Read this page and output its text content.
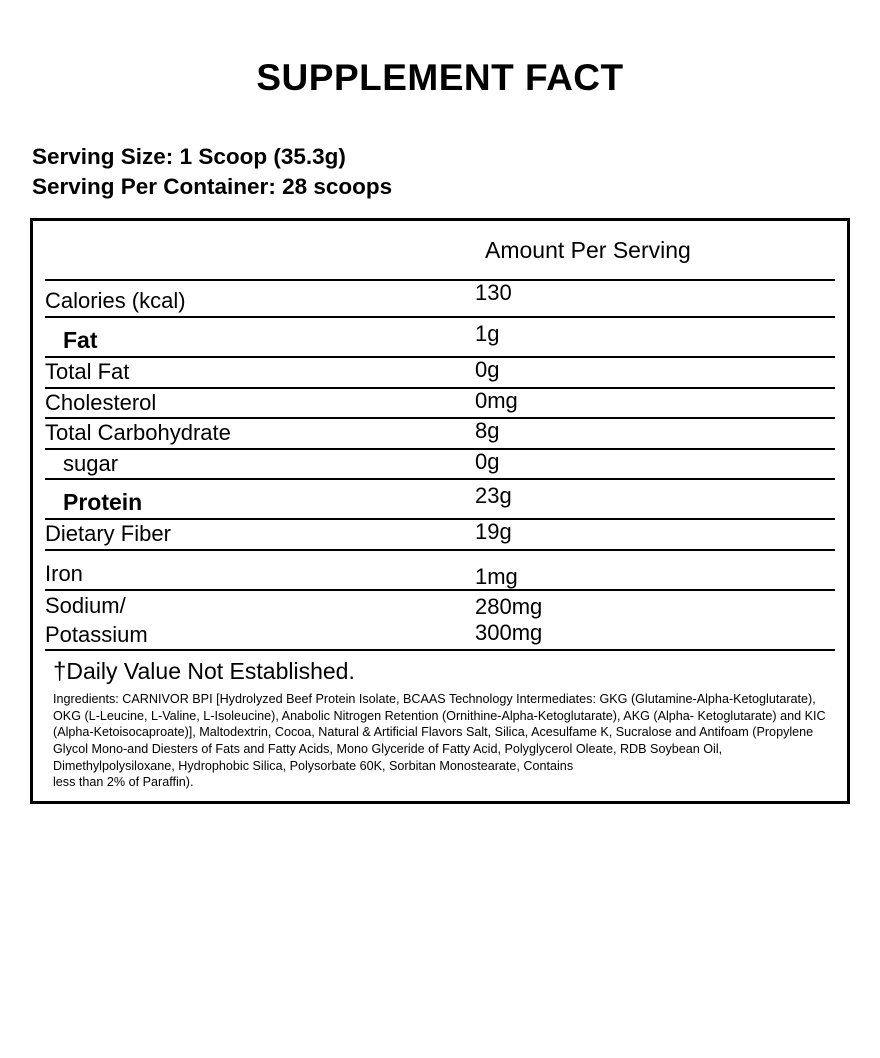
SUPPLEMENT FACT
Serving Size: 1 Scoop (35.3g)
Serving Per Container: 28 scoops
Amount Per Serving
Calories (kcal)	130
Fat	1g
Total Fat	0g
Cholesterol	0mg
Total Carbohydrate	8g
sugar	0g
Protein	23g
Dietary Fiber	19g
Iron	1mg
Sodium/	280mg
Potassium	300mg
†Daily Value Not Established.
Ingredients: CARNIVOR BPI [Hydrolyzed Beef Protein Isolate, BCAAS Technology Intermediates: GKG (Glutamine-Alpha-Ketoglutarate), OKG (L-Leucine, L-Valine, L-Isoleucine), Anabolic Nitrogen Retention (Ornithine-Alpha-Ketoglutarate), AKG (Alpha- Ketoglutarate) and KIC (Alpha-Ketoisocaproate)], Maltodextrin, Cocoa, Natural & Artificial Flavors Salt, Silica, Acesulfame K, Sucralose and Antifoam (Propylene Glycol Mono-and Diesters of Fats and Fatty Acids, Mono Glyceride of Fatty Acid, Polyglycerol Oleate, RDB Soybean Oil, Dimethylpolysiloxane, Hydrophobic Silica, Polysorbate 60K, Sorbitan Monostearate, Contains
less than 2% of Paraffin).
